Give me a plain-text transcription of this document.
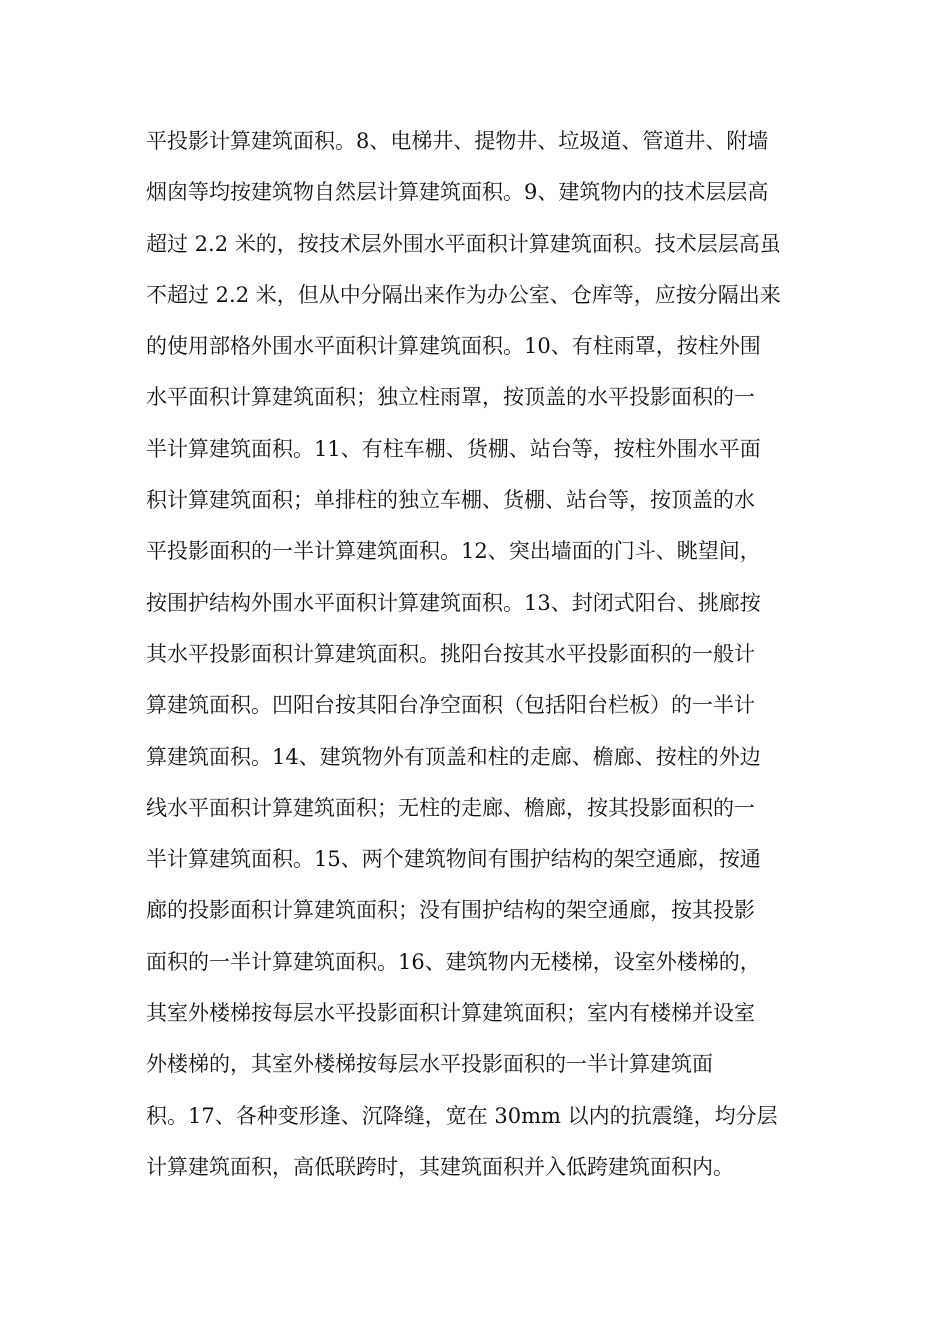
平投影计算建筑面积。8、电梯井、提物井、垃圾道、管道井、附墙
烟囱等均按建筑物自然层计算建筑面积。9、建筑物内的技术层层高
超过 2.2 米的，按技术层外围水平面积计算建筑面积。技术层层高虽
不超过 2.2 米，但从中分隔出来作为办公室、仓库等，应按分隔出来
的使用部格外围水平面积计算建筑面积。10、有柱雨罩，按柱外围
水平面积计算建筑面积；独立柱雨罩，按顶盖的水平投影面积的一
半计算建筑面积。11、有柱车棚、货棚、站台等，按柱外围水平面
积计算建筑面积；单排柱的独立车棚、货棚、站台等，按顶盖的水
平投影面积的一半计算建筑面积。12、突出墙面的门斗、眺望间，
按围护结构外围水平面积计算建筑面积。13、封闭式阳台、挑廊按
其水平投影面积计算建筑面积。挑阳台按其水平投影面积的一般计
算建筑面积。凹阳台按其阳台净空面积（包括阳台栏板）的一半计
算建筑面积。14、建筑物外有顶盖和柱的走廊、檐廊、按柱的外边
线水平面积计算建筑面积；无柱的走廊、檐廊，按其投影面积的一
半计算建筑面积。15、两个建筑物间有围护结构的架空通廊，按通
廊的投影面积计算建筑面积；没有围护结构的架空通廊，按其投影
面积的一半计算建筑面积。16、建筑物内无楼梯，设室外楼梯的，
其室外楼梯按每层水平投影面积计算建筑面积；室内有楼梯并设室
外楼梯的，其室外楼梯按每层水平投影面积的一半计算建筑面
积。17、各种变形逢、沉降缝，宽在 30mm 以内的抗震缝，均分层
计算建筑面积，高低联跨时，其建筑面积并入低跨建筑面积内。
